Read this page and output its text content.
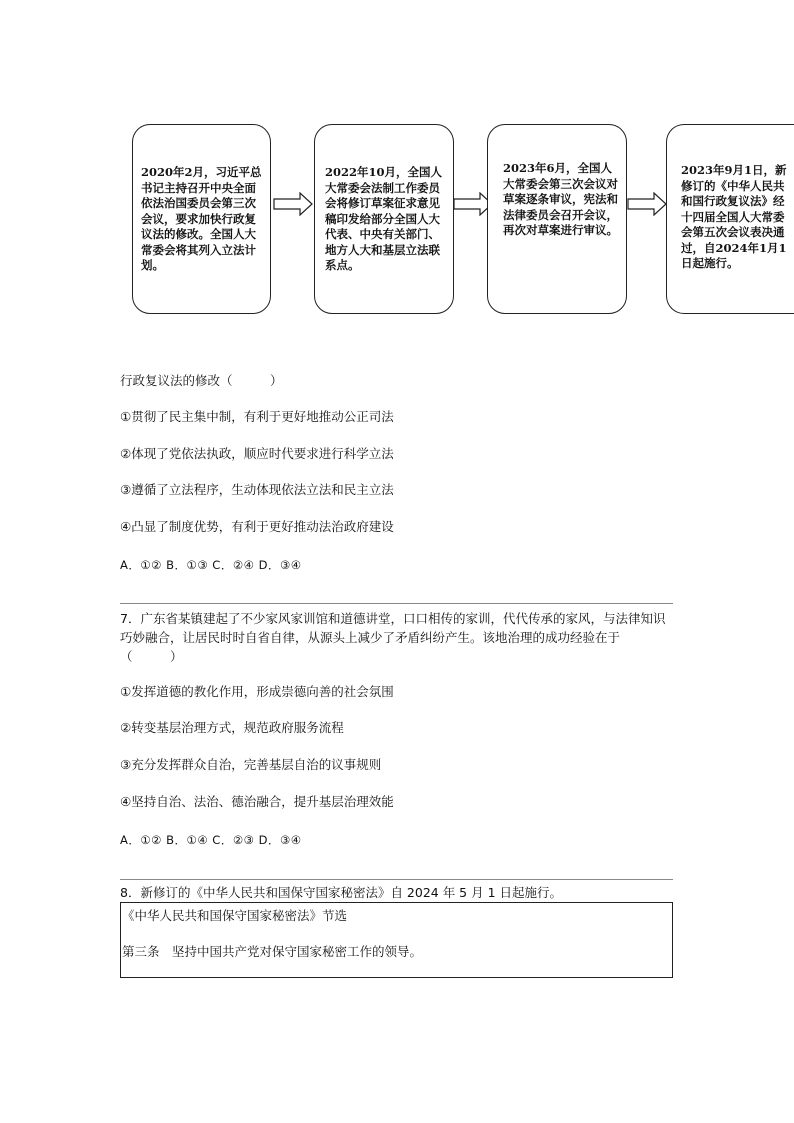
2020年2月，习近平总书记主持召开中央全面依法治国委员会第三次会议，要求加快行政复议法的修改。全国人大常委会将其列入立法计划。
2022年10月，全国人大常委会法制工作委员会将修订草案征求意见稿印发给部分全国人大代表、中央有关部门、地方人大和基层立法联系点。
2023年6月，全国人大常委会第三次会议对草案逐条审议，宪法和法律委员会召开会议，再次对草案进行审议。
2023年9月1日，新修订的《中华人民共和国行政复议法》经十四届全国人大常委会第五次会议表决通过，自2024年1月1日起施行。
行政复议法的修改（　　　）
①贯彻了民主集中制，有利于更好地推动公正司法
②体现了党依法执政，顺应时代要求进行科学立法
③遵循了立法程序，生动体现依法立法和民主立法
④凸显了制度优势，有利于更好推动法治政府建设
A．①② B．①③ C．②④ D．③④
7．广东省某镇建起了不少家风家训馆和道德讲堂，口口相传的家训，代代传承的家风，与法律知识巧妙融合，让居民时时自省自律，从源头上减少了矛盾纠纷产生。该地治理的成功经验在于（　　　）
①发挥道德的教化作用，形成崇德向善的社会氛围
②转变基层治理方式，规范政府服务流程
③充分发挥群众自治，完善基层自治的议事规则
④坚持自治、法治、德治融合，提升基层治理效能
A．①② B．①④ C．②③ D．③④
8．新修订的《中华人民共和国保守国家秘密法》自 2024 年 5 月 1 日起施行。
《中华人民共和国保守国家秘密法》节选
第三条　坚持中国共产党对保守国家秘密工作的领导。
